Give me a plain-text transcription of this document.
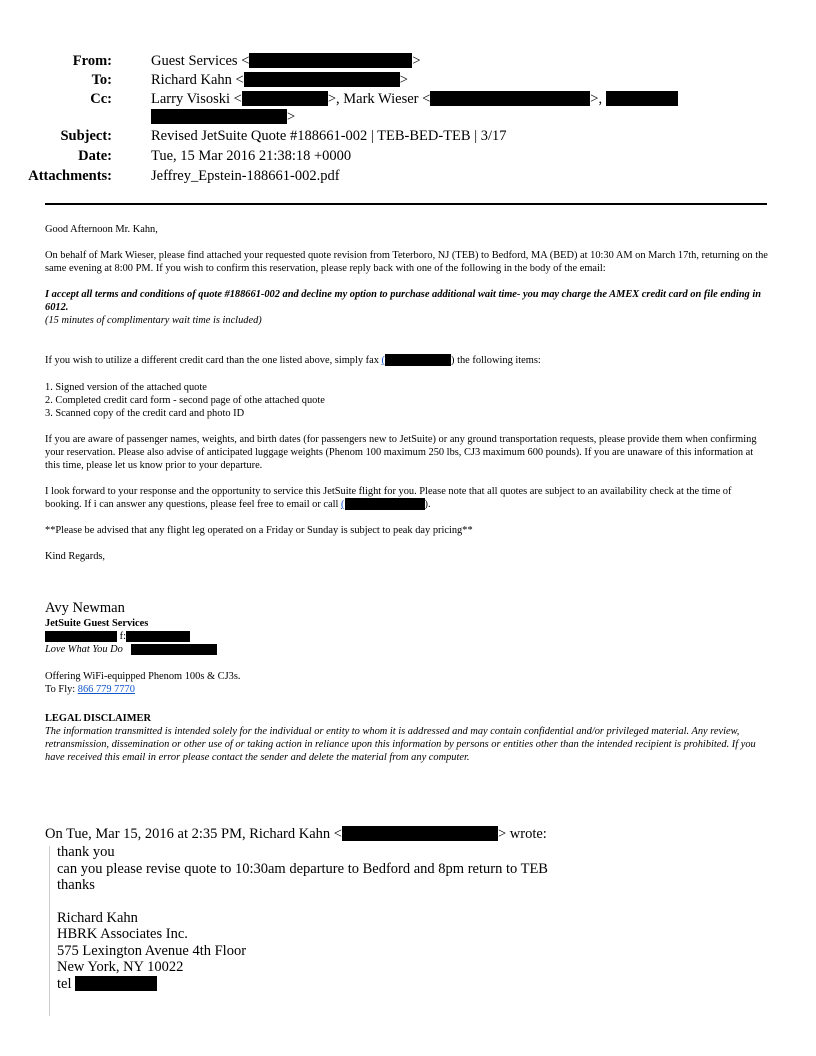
From:	Guest Services <	>
To:	Richard Kahn <	>
Cc:	Larry Visoski <	>, Mark Wieser <	>,
>
Subject:	Revised JetSuite Quote #188661-002 | TEB-BED-TEB | 3/17
Date:	Tue, 15 Mar 2016 21:38:18 +0000
Attachments:	Jeffrey_Epstein-188661-002.pdf

Good Afternoon Mr. Kahn,

On behalf of Mark Wieser, please find attached your requested quote revision from Teterboro, NJ (TEB) to Bedford, MA (BED) at 10:30 AM on March 17th, returning on the same evening at 8:00 PM. If you wish to confirm this reservation, please reply back with one of the following in the body of the email:

I accept all terms and conditions of quote #188661-002 and decline my option to purchase additional wait time- you may charge the AMEX credit card on file ending in 6012.

(15 minutes of complimentary wait time is included)

If you wish to utilize a different credit card than the one listed above, simply fax (	) the following items:

1. Signed version of the attached quote

2. Completed credit card form - second page of othe attached quote

3. Scanned copy of the credit card and photo ID

If you are aware of passenger names, weights, and birth dates (for passengers new to JetSuite) or any ground transportation requests, please provide them when confirming your reservation. Please also advise of anticipated luggage weights (Phenom 100 maximum 250 lbs, CJ3 maximum 600 pounds). If you are unaware of this information at this time, please let us know prior to your departure.

I look forward to your response and the opportunity to service this JetSuite flight for you. Please note that all quotes are subject to an availability check at the time of booking. If i can answer any questions, please feel free to email or call (	).

**Please be advised that any flight leg operated on a Friday or Sunday is subject to peak day pricing**

Kind Regards,

Avy Newman
JetSuite Guest Services
f:
Love What You Do
Offering WiFi-equipped Phenom 100s & CJ3s.
To Fly: 866 779 7770
LEGAL DISCLAIMER
The information transmitted is intended solely for the individual or entity to whom it is addressed and may contain confidential and/or privileged material. Any review, retransmission, dissemination or other use of or taking action in reliance upon this information by persons or entities other than the intended recipient is prohibited. If you have received this email in error please contact the sender and delete the material from any computer.
On Tue, Mar 15, 2016 at 2:35 PM, Richard Kahn <	> wrote:
thank you
can you please revise quote to 10:30am departure to Bedford and 8pm return to TEB
thanks
Richard Kahn
HBRK Associates Inc.
575 Lexington Avenue 4th Floor
New York, NY 10022
tel
